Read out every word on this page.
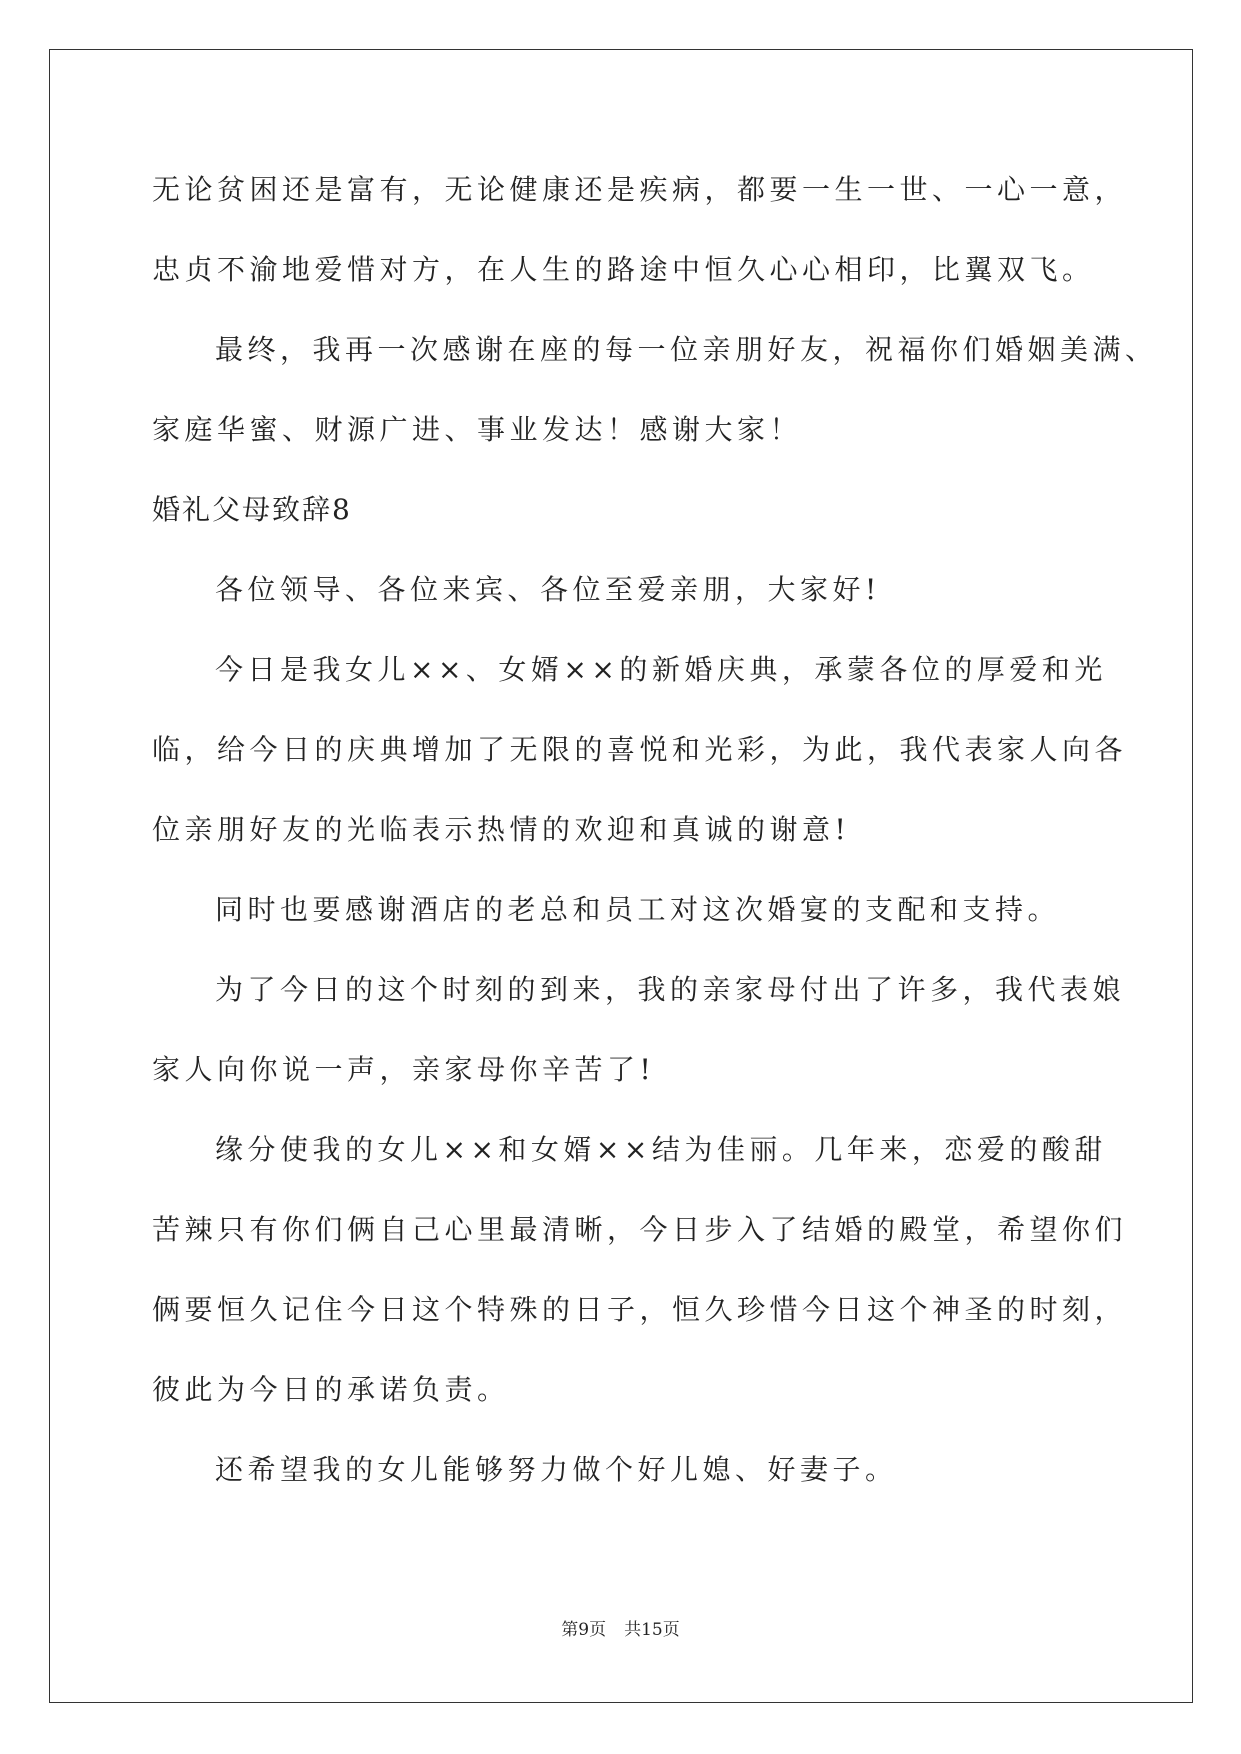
无论贫困还是富有，无论健康还是疾病，都要一生一世、一心一意，
忠贞不渝地爱惜对方，在人生的路途中恒久心心相印，比翼双飞。
最终，我再一次感谢在座的每一位亲朋好友，祝福你们婚姻美满、
家庭华蜜、财源广进、事业发达！感谢大家！
婚礼父母致辞8
各位领导、各位来宾、各位至爱亲朋，大家好!
今日是我女儿××、女婿××的新婚庆典，承蒙各位的厚爱和光
临，给今日的庆典增加了无限的喜悦和光彩，为此，我代表家人向各
位亲朋好友的光临表示热情的欢迎和真诚的谢意!
同时也要感谢酒店的老总和员工对这次婚宴的支配和支持。
为了今日的这个时刻的到来，我的亲家母付出了许多，我代表娘
家人向你说一声，亲家母你辛苦了!
缘分使我的女儿××和女婿××结为佳丽。几年来，恋爱的酸甜
苦辣只有你们俩自己心里最清晰，今日步入了结婚的殿堂，希望你们
俩要恒久记住今日这个特殊的日子，恒久珍惜今日这个神圣的时刻，
彼此为今日的承诺负责。
还希望我的女儿能够努力做个好儿媳、好妻子。
第9页 共15页
